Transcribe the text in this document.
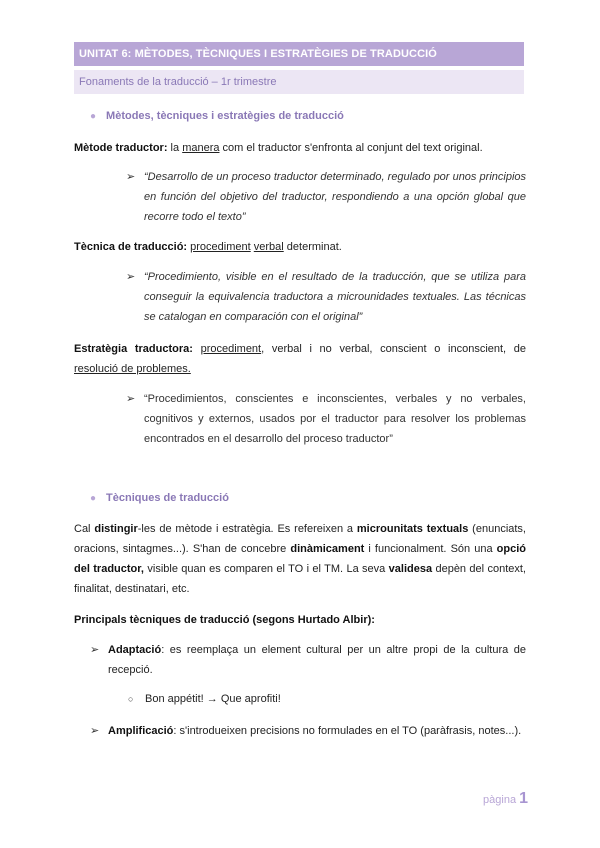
UNITAT 6: MÈTODES, TÈCNIQUES I ESTRATÈGIES DE TRADUCCIÓ
Fonaments de la traducció – 1r trimestre
● Mètodes, tècniques i estratègies de traducció
Mètode traductor: la manera com el traductor s'enfronta al conjunt del text original.
➢ “Desarrollo de un proceso traductor determinado, regulado por unos principios en función del objetivo del traductor, respondiendo a una opción global que recorre todo el texto”
Tècnica de traducció: procediment verbal determinat.
➢ “Procedimiento, visible en el resultado de la traducción, que se utiliza para conseguir la equivalencia traductora a microunidades textuales. Las técnicas se catalogan en comparación con el original”
Estratègia traductora: procediment, verbal i no verbal, conscient o inconscient, de resolució de problemes.
➢ “Procedimientos, conscientes e inconscientes, verbales y no verbales, cognitivos y externos, usados por el traductor para resolver los problemas encontrados en el desarrollo del proceso traductor”
● Tècniques de traducció
Cal distingir-les de mètode i estratègia. Es refereixen a microunitats textuals (enunciats, oracions, sintagmes...). S'han de concebre dinàmicament i funcionalment. Són una opció del traductor, visible quan es comparen el TO i el TM. La seva validesa depèn del context, finalitat, destinatari, etc.
Principals tècniques de traducció (segons Hurtado Albir):
➢ Adaptació: es reemplaça un element cultural per un altre propi de la cultura de recepció.
○ Bon appétit! → Que aprofiti!
➢ Amplificació: s'introdueixen precisions no formulades en el TO (paràfrasis, notes...).
pàgina 1
